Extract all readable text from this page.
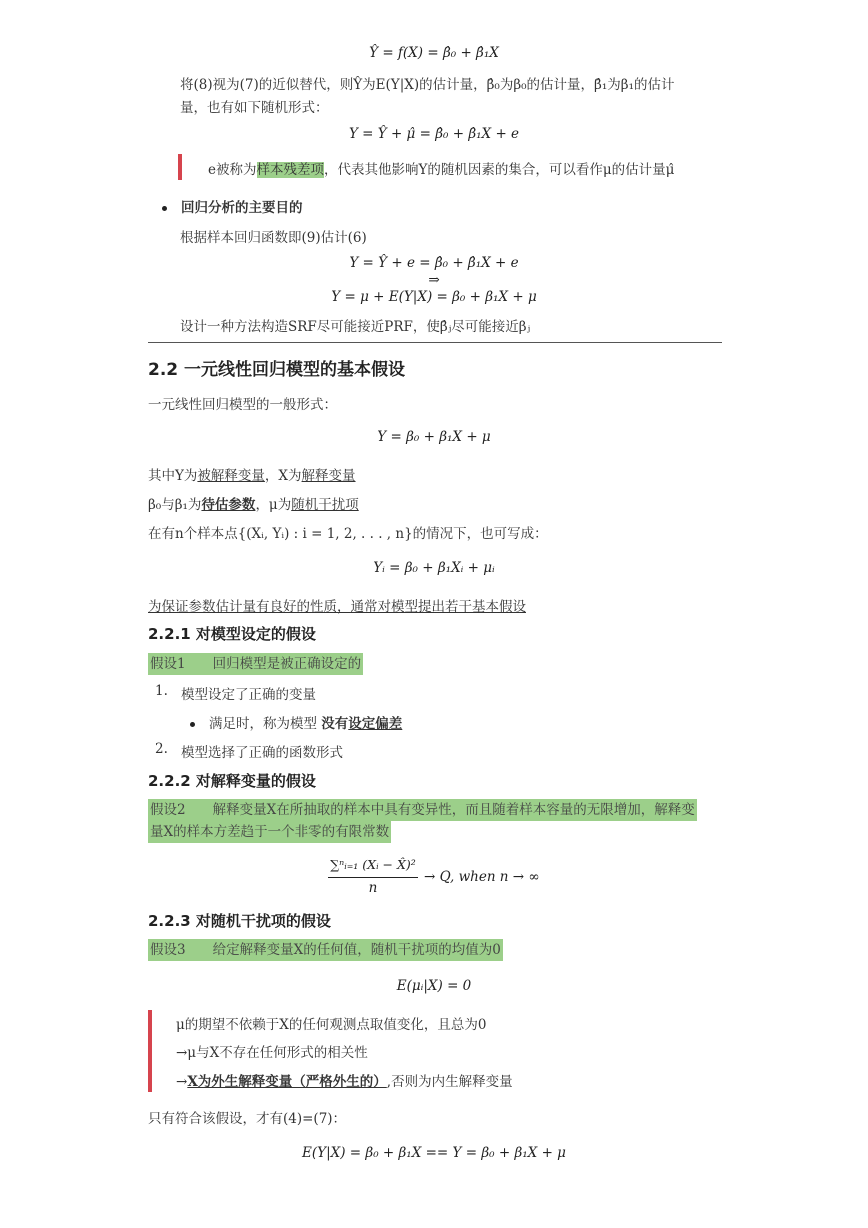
Ŷ = f(X) = β̂₀ + β̂₁X
将(8)视为(7)的近似替代，则Ŷ为E(Y|X)的估计量，β̂₀为β₀的估计量，β̂₁为β₁的估计
量，也有如下随机形式：
Y = Ŷ + μ̂ = β̂₀ + β̂₁X + e
e被称为样本残差项，代表其他影响Y的随机因素的集合，可以看作μ的估计量μ̂
回归分析的主要目的
根据样本回归函数即(9)估计(6)
Y = Ŷ + e = β̂₀ + β̂₁X + e
⇒
Y = μ + E(Y|X) = β₀ + β₁X + μ
设计一种方法构造SRF尽可能接近PRF，使β̂ⱼ尽可能接近βⱼ
2.2 一元线性回归模型的基本假设
一元线性回归模型的一般形式：
Y = β₀ + β₁X + μ
其中Y为被解释变量，X为解释变量
β₀与β₁为待估参数，μ为随机干扰项
在有n个样本点{(Xᵢ, Yᵢ) : i = 1, 2, . . . , n}的情况下，也可写成：
Yᵢ = β₀ + β₁Xᵢ + μᵢ
为保证参数估计量有良好的性质，通常对模型提出若干基本假设
2.2.1 对模型设定的假设
假设1　　回归模型是被正确设定的
1. 模型设定了正确的变量
满足时，称为模型 没有设定偏差
2. 模型选择了正确的函数形式
2.2.2 对解释变量的假设
假设2　　解释变量X在所抽取的样本中具有变异性，而且随着样本容量的无限增加，解释变
量X的样本方差趋于一个非零的有限常数
∑ⁿᵢ₌₁ (Xᵢ − X̂)²
n
→ Q, when n → ∞
2.2.3 对随机干扰项的假设
假设3　　给定解释变量X的任何值，随机干扰项的均值为0
E(μᵢ|X) = 0
μ的期望不依赖于X的任何观测点取值变化，且总为0
→μ与X不存在任何形式的相关性
→X为外生解释变量（严格外生的）,否则为内生解释变量
只有符合该假设，才有(4)=(7)：
E(Y|X) = β₀ + β₁X == Y = β₀ + β₁X + μ
